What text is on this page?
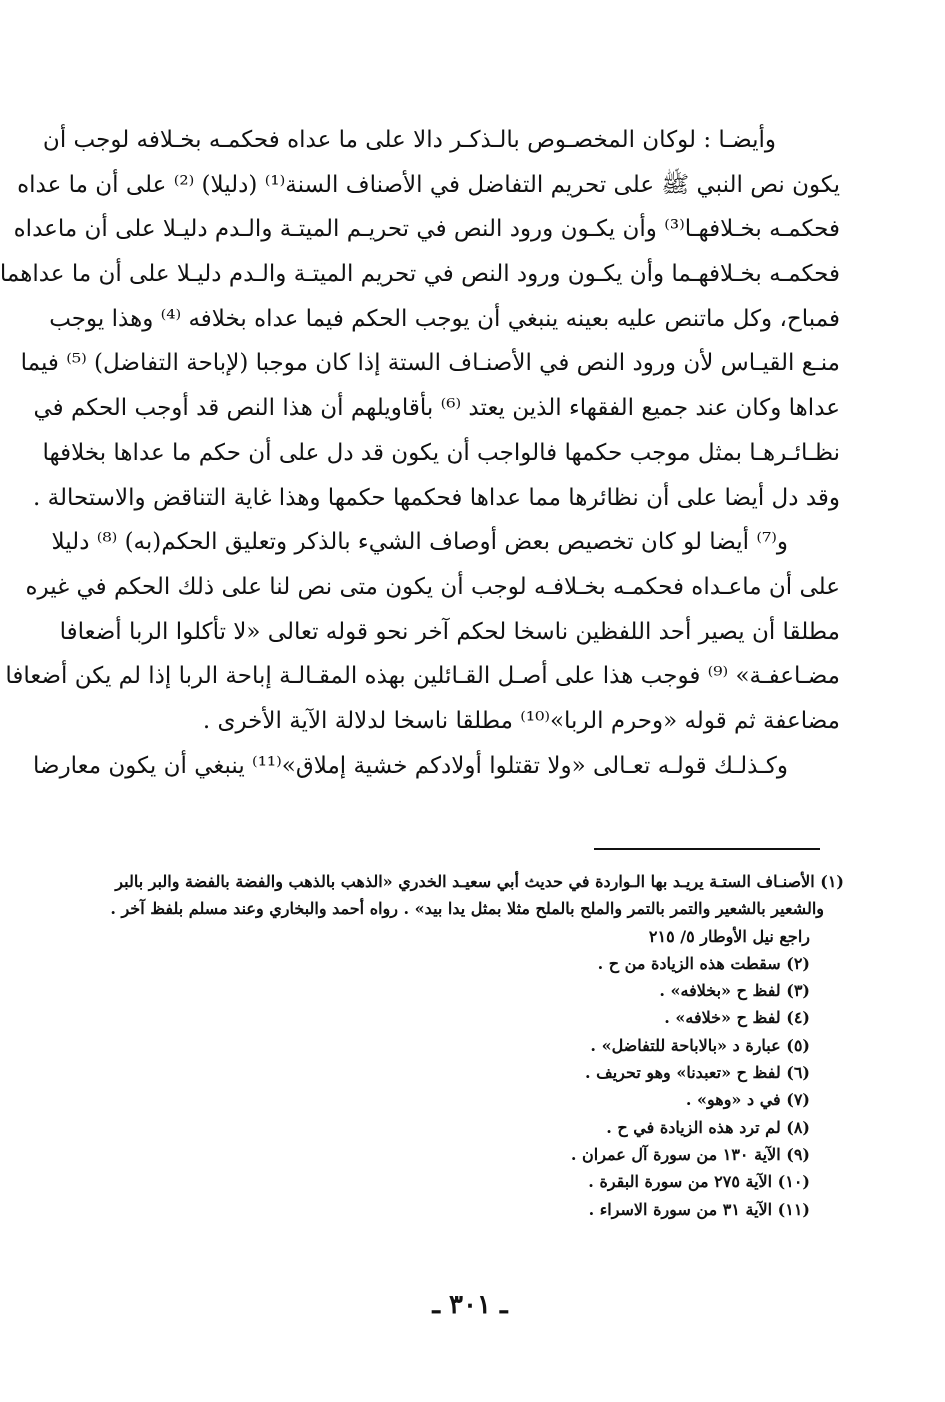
وأيضـا : لوكان المخصـوص بالـذكـر دالا على ما عداه فحكمـه بخـلافه لوجب أن
يكون نص النبي ﷺ على تحريم التفاضل في الأصناف السنة⁽¹⁾ (دليلا) ⁽²⁾ على أن ما عداه
فحكمـه بخـلافهـا⁽³⁾ وأن يكـون ورود النص في تحريـم الميتـة والـدم دليـلا على أن ماعداه
فحكمـه بخـلافهـما وأن يكـون ورود النص في تحريم الميتـة والـدم دليـلا على أن ما عداهما
فمباح، وكل ماتنص عليه بعينه ينبغي أن يوجب الحكم فيما عداه بخلافه ⁽⁴⁾ وهذا يوجب
منـع القيـاس لأن ورود النص في الأصنـاف الستة إذا كان موجبا (لإباحة التفاضل) ⁽⁵⁾ فيما
عداها وكان عند جميع الفقهاء الذين يعتد ⁽⁶⁾ بأقاويلهم أن هذا النص قد أوجب الحكم في
نظـائـرهـا بمثل موجب حكمها فالواجب أن يكون قد دل على أن حكم ما عداها بخلافها
وقد دل أيضا على أن نظائرها مما عداها فحكمها حكمها وهذا غاية التناقض والاستحالة .
و⁽⁷⁾ أيضا لو كان تخصيص بعض أوصاف الشيء بالذكر وتعليق الحكم(به) ⁽⁸⁾ دليلا
على أن ماعـداه فحكمـه بخـلافـه لوجب أن يكون متى نص لنا على ذلك الحكم في غيره
مطلقا أن يصير أحد اللفظين ناسخا لحكم آخر نحو قوله تعالى «لا تأكلوا الربا أضعافا
مضـاعفـة» ⁽⁹⁾ فوجب هذا على أصـل القـائلين بهذه المقـالـة إباحة الربا إذا لم يكن أضعافا
مضاعفة ثم قوله «وحرم الربا»⁽¹⁰⁾ مطلقا ناسخا لدلالة الآية الأخرى .
وكـذلـك قولـه تعـالى «ولا تقتلوا أولادكم خشية إملاق»⁽¹¹⁾ ينبغي أن يكون معارضا
(١) الأصنـاف الستـة يريـد بها الـواردة في حديث أبي سعيـد الخدري «الذهب بالذهب والفضة بالفضة والبر بالبر
والشعير بالشعير والتمر بالتمر والملح بالملح مثلا بمثل يدا بيد» . رواه أحمد والبخاري وعند مسلم بلفظ آخر .
راجع نيل الأوطار ٥/ ٢١٥
(٢) سقطت هذه الزيادة من ح .
(٣) لفظ ح «بخلافه» .
(٤) لفظ ح «خلافه» .
(٥) عبارة د «بالاباحة للتفاضل» .
(٦) لفظ ح «تعبدنا» وهو تحريف .
(٧) في د «وهو» .
(٨) لم ترد هذه الزيادة في ح .
(٩) الآية ١٣٠ من سورة آل عمران .
(١٠) الآية ٢٧٥ من سورة البقرة .
(١١) الآية ٣١ من سورة الاسراء .
ـ ٣٠١ ـ
